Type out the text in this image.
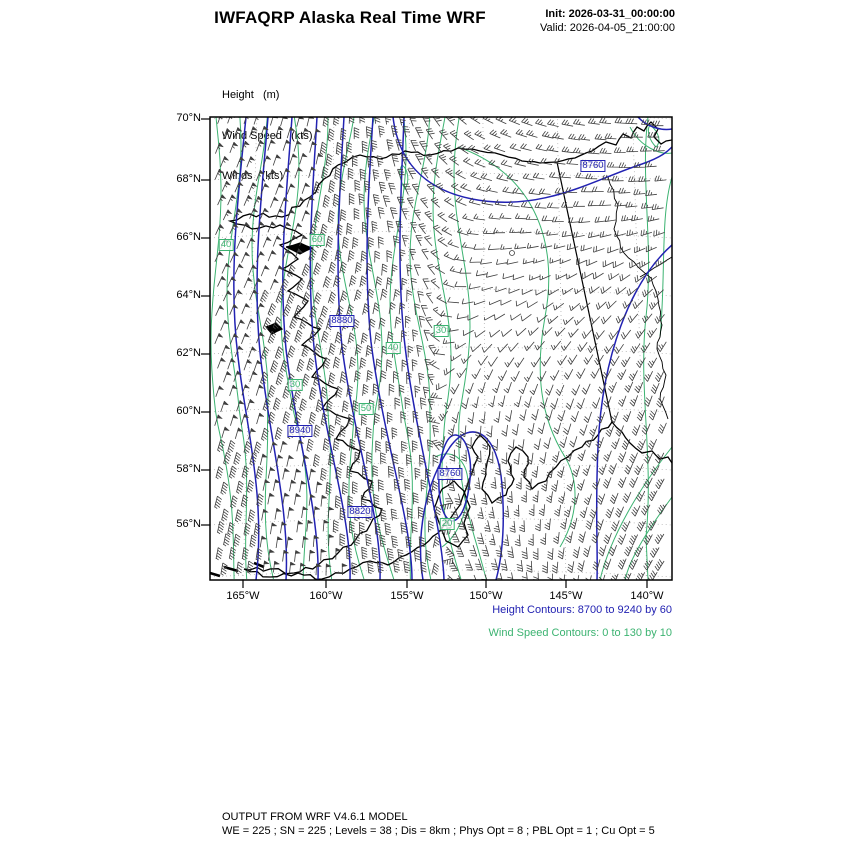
IWFAQRP Alaska Real Time WRF	Init: 2026-03-31_00:00:00
Valid: 2026-04-05_21:00:00

Height   (m)

Wind Speed   (kts)

Winds   (kts)

70°N
68°N
66°N
64°N
62°N
60°N
58°N
56°N
165°W	160°W	155°W	150°W	145°W	140°W
8880
8940
8820
8760
8760
40	60
30
40
30
50
20
Height Contours: 8700 to 9240 by 60
Wind Speed Contours: 0 to 130 by 10
OUTPUT FROM WRF V4.6.1 MODEL
WE = 225 ; SN = 225 ; Levels = 38 ; Dis = 8km ; Phys Opt = 8 ; PBL Opt = 1 ; Cu Opt = 5
